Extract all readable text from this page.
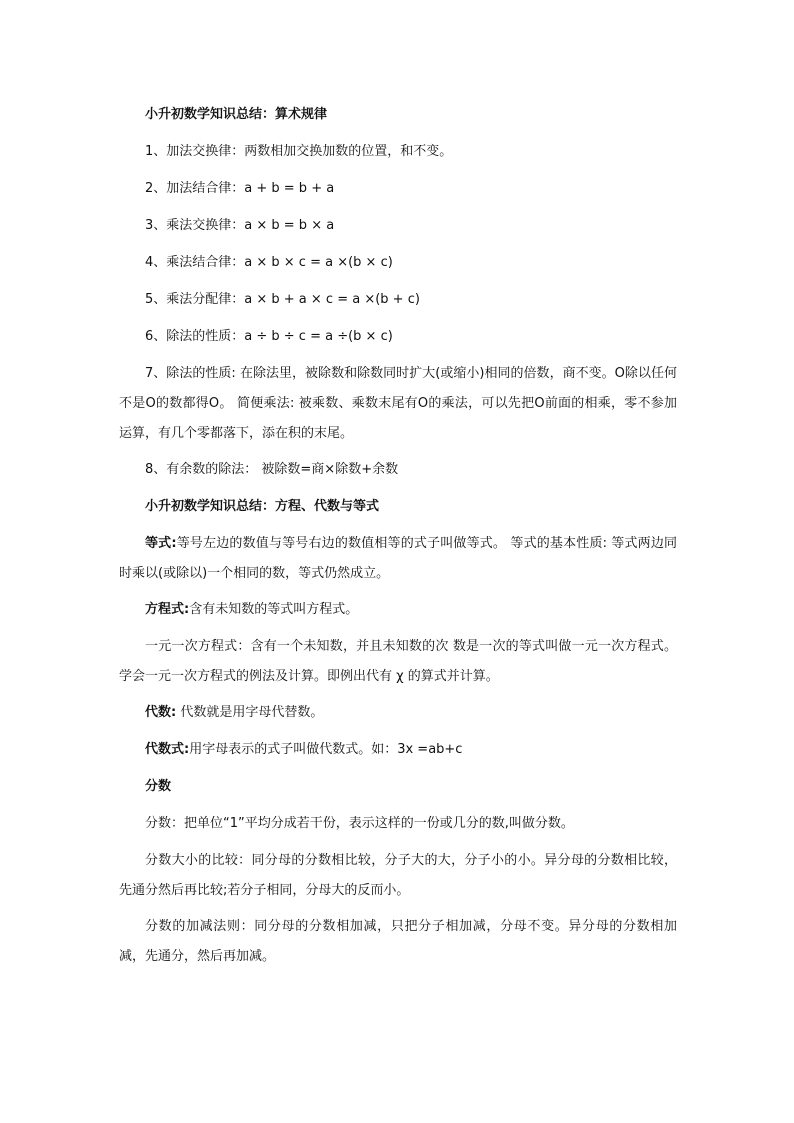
小升初数学知识总结：算术规律

1、加法交换律：两数相加交换加数的位置，和不变。

2、加法结合律：a + b = b + a

3、乘法交换律：a × b = b × a

4、乘法结合律：a × b × c = a ×(b × c)

5、乘法分配律：a × b + a × c = a ×(b + c)

6、除法的性质：a ÷ b ÷ c = a ÷(b × c)

7、除法的性质: 在除法里，被除数和除数同时扩大(或缩小)相同的倍数，商不变。O除以任何不是O的数都得O。 简便乘法: 被乘数、乘数末尾有O的乘法，可以先把O前面的相乘，零不参加运算，有几个零都落下，添在积的末尾。

8、有余数的除法： 被除数=商×除数+余数

小升初数学知识总结：方程、代数与等式

等式:等号左边的数值与等号右边的数值相等的式子叫做等式。 等式的基本性质: 等式两边同时乘以(或除以)一个相同的数，等式仍然成立。

方程式:含有未知数的等式叫方程式。

一元一次方程式：含有一个未知数，并且未知数的次 数是一次的等式叫做一元一次方程式。学会一元一次方程式的例法及计算。即例出代有 χ 的算式并计算。

代数: 代数就是用字母代替数。

代数式:用字母表示的式子叫做代数式。如：3x =ab+c

分数

分数：把单位“1”平均分成若干份，表示这样的一份或几分的数,叫做分数。

分数大小的比较：同分母的分数相比较，分子大的大，分子小的小。异分母的分数相比较，先通分然后再比较;若分子相同，分母大的反而小。

分数的加减法则：同分母的分数相加减，只把分子相加减，分母不变。异分母的分数相加减，先通分，然后再加减。
